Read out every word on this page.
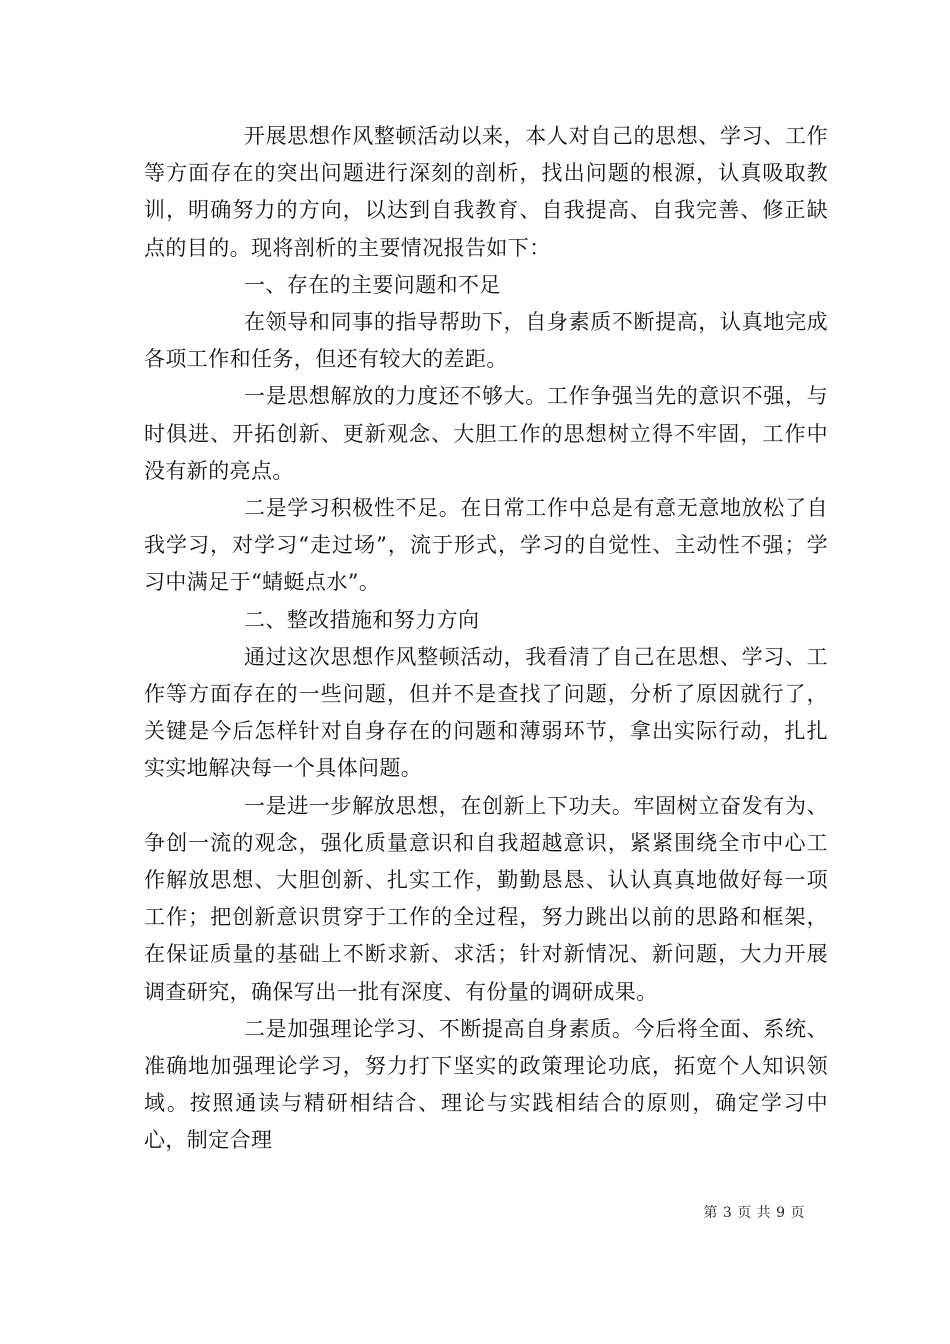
开展思想作风整顿活动以来，本人对自己的思想、学习、工作等方面存在的突出问题进行深刻的剖析，找出问题的根源，认真吸取教训，明确努力的方向，以达到自我教育、自我提高、自我完善、修正缺点的目的。现将剖析的主要情况报告如下：

一、存在的主要问题和不足

在领导和同事的指导帮助下，自身素质不断提高，认真地完成各项工作和任务，但还有较大的差距。

一是思想解放的力度还不够大。工作争强当先的意识不强，与时俱进、开拓创新、更新观念、大胆工作的思想树立得不牢固，工作中没有新的亮点。

二是学习积极性不足。在日常工作中总是有意无意地放松了自我学习，对学习“走过场”，流于形式，学习的自觉性、主动性不强；学习中满足于“蜻蜓点水”。

二、整改措施和努力方向

通过这次思想作风整顿活动，我看清了自己在思想、学习、工作等方面存在的一些问题，但并不是查找了问题，分析了原因就行了，关键是今后怎样针对自身存在的问题和薄弱环节，拿出实际行动，扎扎实实地解决每一个具体问题。

一是进一步解放思想，在创新上下功夫。牢固树立奋发有为、争创一流的观念，强化质量意识和自我超越意识，紧紧围绕全市中心工作解放思想、大胆创新、扎实工作，勤勤恳恳、认认真真地做好每一项工作；把创新意识贯穿于工作的全过程，努力跳出以前的思路和框架，在保证质量的基础上不断求新、求活；针对新情况、新问题，大力开展调查研究，确保写出一批有深度、有份量的调研成果。

二是加强理论学习、不断提高自身素质。今后将全面、系统、准确地加强理论学习，努力打下坚实的政策理论功底，拓宽个人知识领域。按照通读与精研相结合、理论与实践相结合的原则，确定学习中心，制定合理

第 3 页 共 9 页
